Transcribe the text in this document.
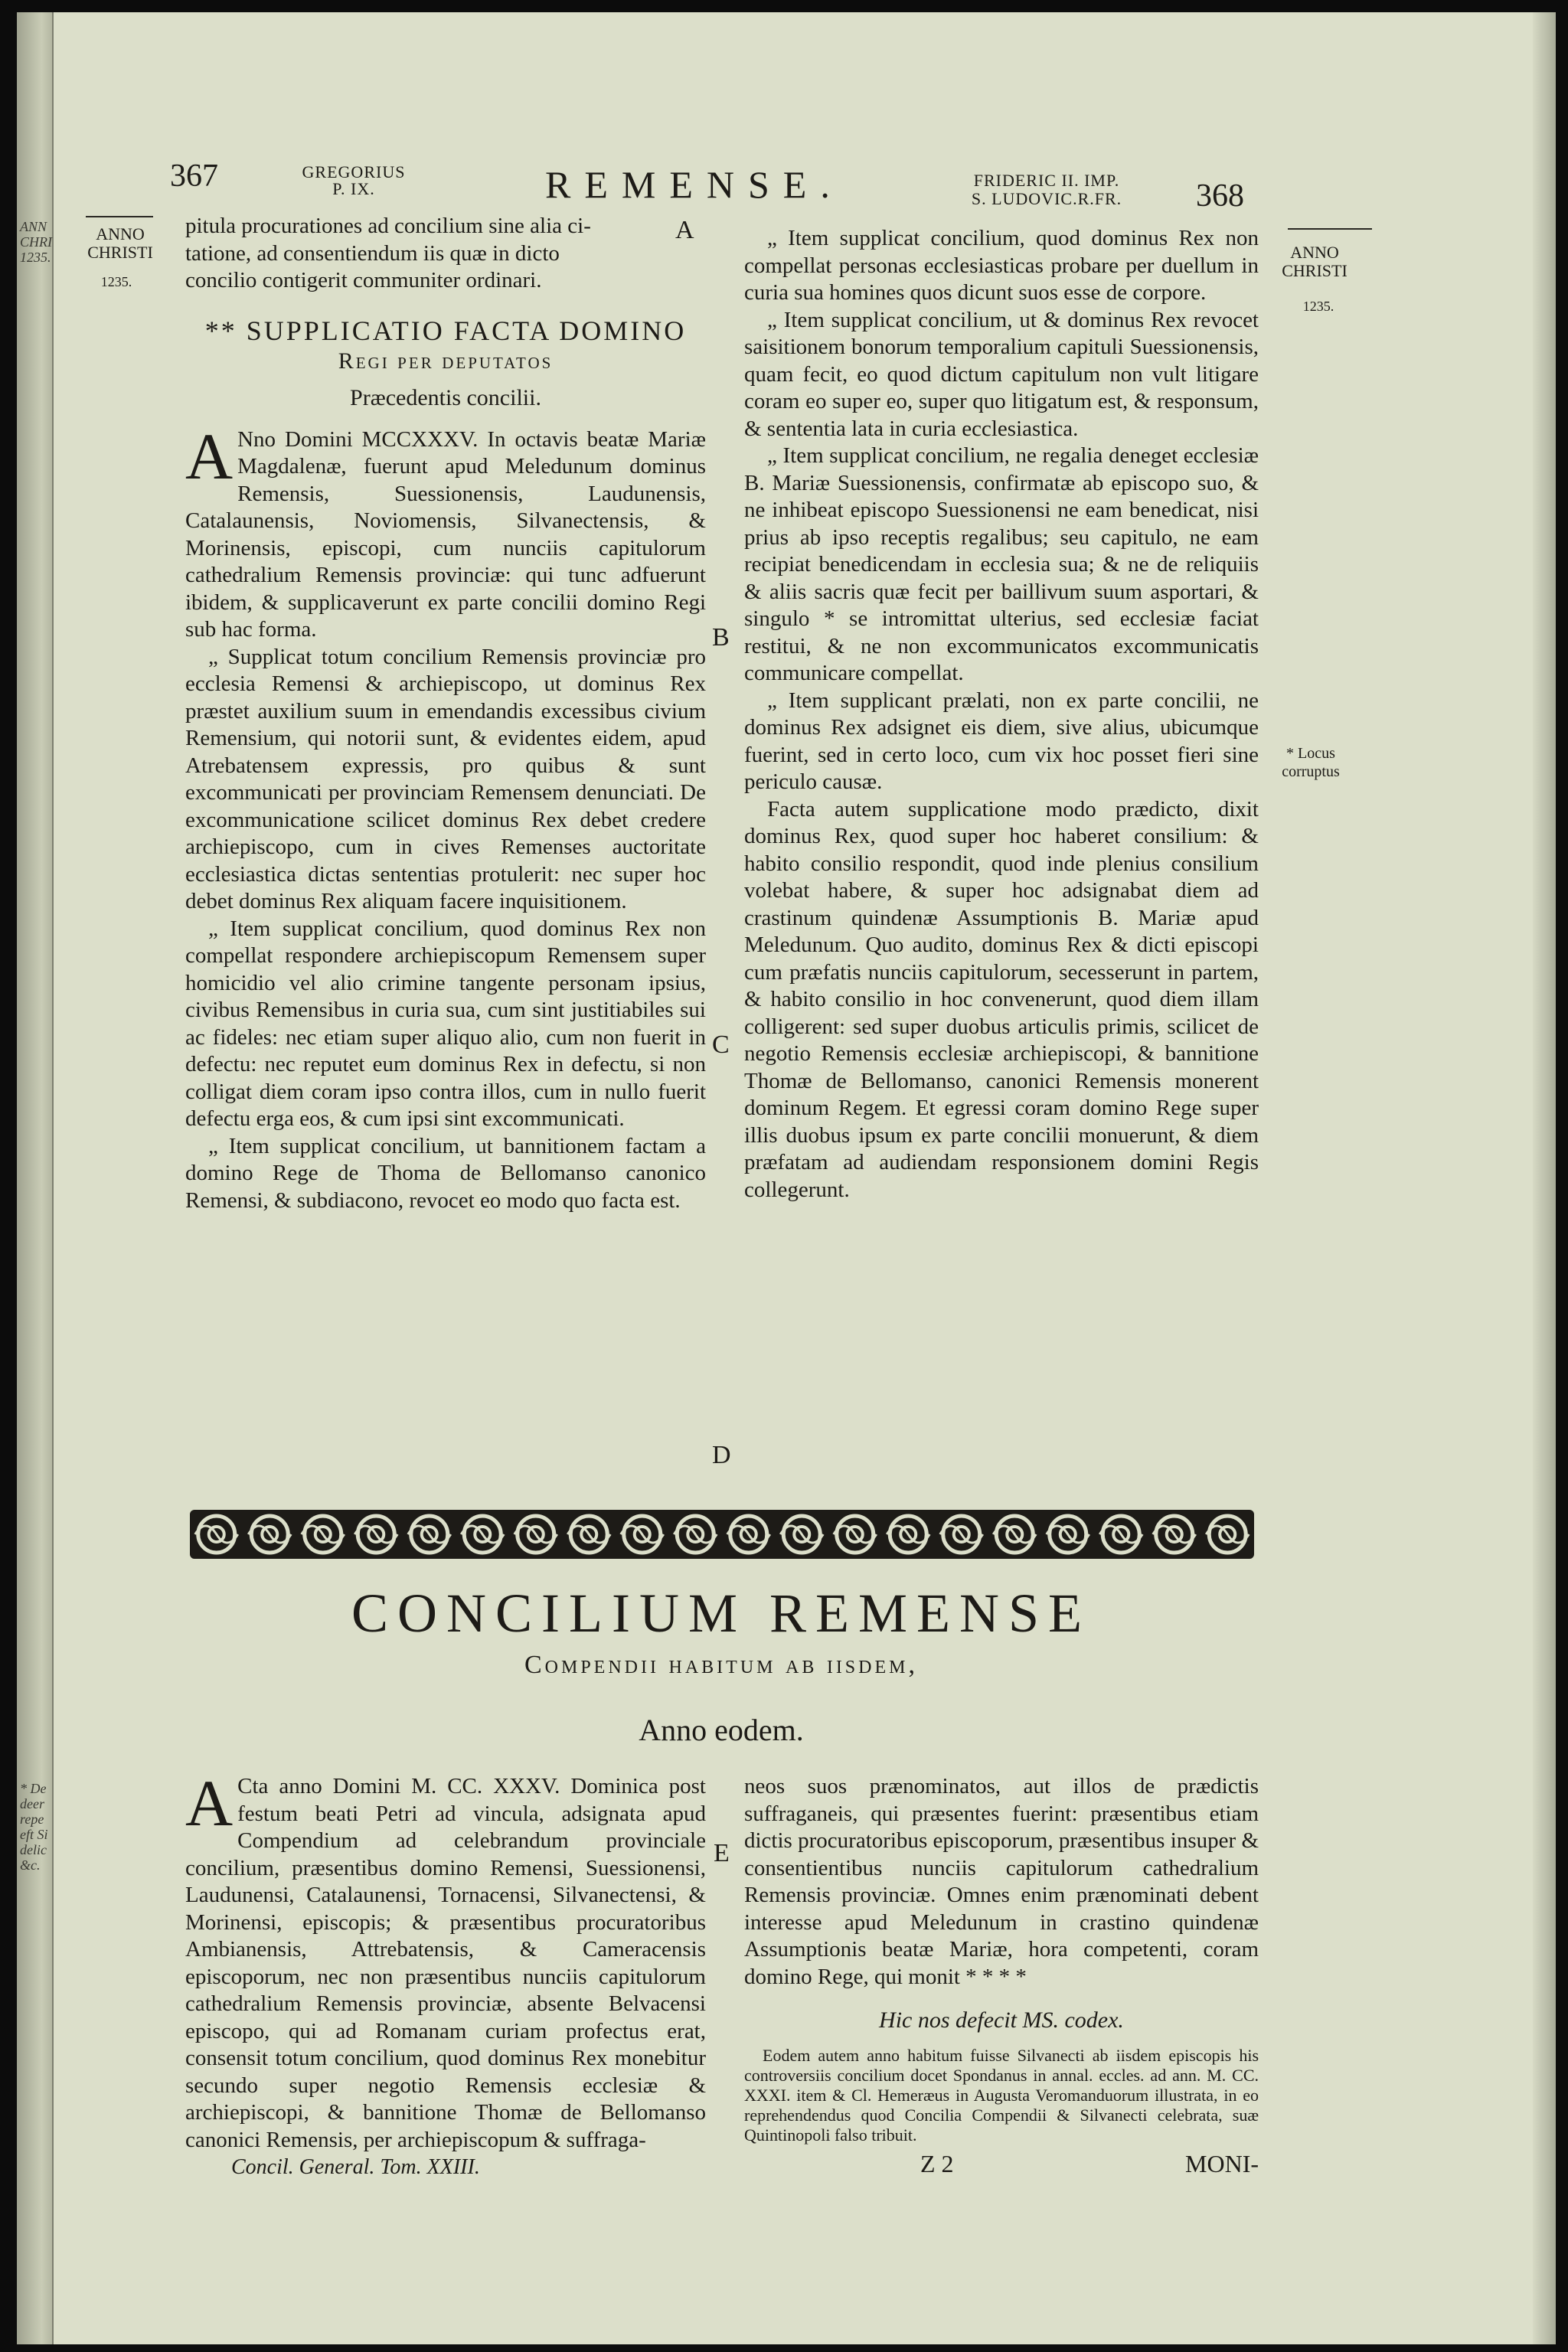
ANN
CHRI
1235.
* De
deer
repe
eft Si
delic
&c.
367	GREGORIUS
P. IX.	REMENSE.	FRIDERIC II. IMP.
S. LUDOVIC.R.FR.	368
ANNO
CHRISTI
1235.
ANNO
CHRISTI
1235.
* Locus
corruptus
A
B
C
D
E
pitula procurationes ad concilium sine alia ci-
tatione, ad consentiendum iis quæ in dicto
concilio contigerit communiter ordinari.
** SUPPLICATIO FACTA DOMINO
Regi per deputatos
Præcedentis concilii.

A Nno Domini MCCXXXV. In octavis beatæ Mariæ Magdalenæ, fuerunt apud Meledunum dominus Remensis, Suessionensis, Laudunensis, Catalaunensis, Noviomensis, Silvanectensis, & Morinensis, episcopi, cum nunciis capitulorum cathedralium Remensis provinciæ: qui tunc adfuerunt ibidem, & supplicaverunt ex parte concilii domino Regi sub hac forma.

„ Supplicat totum concilium Remensis provinciæ pro ecclesia Remensi & archiepiscopo, ut dominus Rex præstet auxilium suum in emendandis excessibus civium Remensium, qui notorii sunt, & evidentes eidem, apud Atrebatensem expressis, pro quibus & sunt excommunicati per provinciam Remensem denunciati. De excommunicatione scilicet dominus Rex debet credere archiepiscopo, cum in cives Remenses auctoritate ecclesiastica dictas sententias protulerit: nec super hoc debet dominus Rex aliquam facere inquisitionem.

„ Item supplicat concilium, quod dominus Rex non compellat respondere archiepiscopum Remensem super homicidio vel alio crimine tangente personam ipsius, civibus Remensibus in curia sua, cum sint justitiabiles sui ac fideles: nec etiam super aliquo alio, cum non fuerit in defectu: nec reputet eum dominus Rex in defectu, si non colligat diem coram ipso contra illos, cum in nullo fuerit defectu erga eos, & cum ipsi sint excommunicati.

„ Item supplicat concilium, ut bannitionem factam a domino Rege de Thoma de Bellomanso canonico Remensi, & subdiacono, revocet eo modo quo facta est.

„ Item supplicat concilium, quod dominus Rex non compellat personas ecclesiasticas probare per duellum in curia sua homines quos dicunt suos esse de corpore.

„ Item supplicat concilium, ut & dominus Rex revocet saisitionem bonorum temporalium capituli Suessionensis, quam fecit, eo quod dictum capitulum non vult litigare coram eo super eo, super quo litigatum est, & responsum, & sententia lata in curia ecclesiastica.

„ Item supplicat concilium, ne regalia deneget ecclesiæ B. Mariæ Suessionensis, confirmatæ ab episcopo suo, & ne inhibeat episcopo Suessionensi ne eam benedicat, nisi prius ab ipso receptis regalibus; seu capitulo, ne eam recipiat benedicendam in ecclesia sua; & ne de reliquiis & aliis sacris quæ fecit per baillivum suum asportari, & singulo * se intromittat ulterius, sed ecclesiæ faciat restitui, & ne non excommunicatos excommunicatis communicare compellat.

„ Item supplicant prælati, non ex parte concilii, ne dominus Rex adsignet eis diem, sive alius, ubicumque fuerint, sed in certo loco, cum vix hoc posset fieri sine periculo causæ.

Facta autem supplicatione modo prædicto, dixit dominus Rex, quod super hoc haberet consilium: & habito consilio respondit, quod inde plenius consilium volebat habere, & super hoc adsignabat diem ad crastinum quindenæ Assumptionis B. Mariæ apud Meledunum. Quo audito, dominus Rex & dicti episcopi cum præfatis nunciis capitulorum, secesserunt in partem, & habito consilio in hoc convenerunt, quod diem illam colligerent: sed super duobus articulis primis, scilicet de negotio Remensis ecclesiæ archiepiscopi, & bannitione Thomæ de Bellomanso, canonici Remensis monerent dominum Regem. Et egressi coram domino Rege super illis duobus ipsum ex parte concilii monuerunt, & diem præfatam ad audiendam responsionem domini Regis collegerunt.

CONCILIUM REMENSE
Compendii habitum ab iisdem,
Anno eodem.

A Cta anno Domini M. CC. XXXV. Dominica post festum beati Petri ad vincula, adsignata apud Compendium ad celebrandum provinciale concilium, præsentibus domino Remensi, Suessionensi, Laudunensi, Catalaunensi, Tornacensi, Silvanectensi, & Morinensi, episcopis; & præsentibus procuratoribus Ambianensis, Attrebatensis, & Cameracensis episcoporum, nec non præsentibus nunciis capitulorum cathedralium Remensis provinciæ, absente Belvacensi episcopo, qui ad Romanam curiam profectus erat, consensit totum concilium, quod dominus Rex monebitur secundo super negotio Remensis ecclesiæ & archiepiscopi, & bannitione Thomæ de Bellomanso canonici Remensis, per archiepiscopum & suffraga-

Concil. General. Tom. XXIII.
neos suos prænominatos, aut illos de prædictis suffraganeis, qui præsentes fuerint: præsentibus etiam dictis procuratoribus episcoporum, præsentibus insuper & consentientibus nunciis capitulorum cathedralium Remensis provinciæ. Omnes enim prænominati debent interesse apud Meledunum in crastino quindenæ Assumptionis beatæ Mariæ, hora competenti, coram domino Rege, qui monit * * * *
Hic nos defecit MS. codex.
Eodem autem anno habitum fuisse Silvanecti ab iisdem episcopis his controversiis concilium docet Spondanus in annal. eccles. ad ann. M. CC. XXXI. item & Cl. Hemeræus in Augusta Veromanduorum illustrata, in eo reprehendendus quod Concilia Compendii & Silvanecti celebrata, suæ Quintinopoli falso tribuit.
Z 2	MONI-
